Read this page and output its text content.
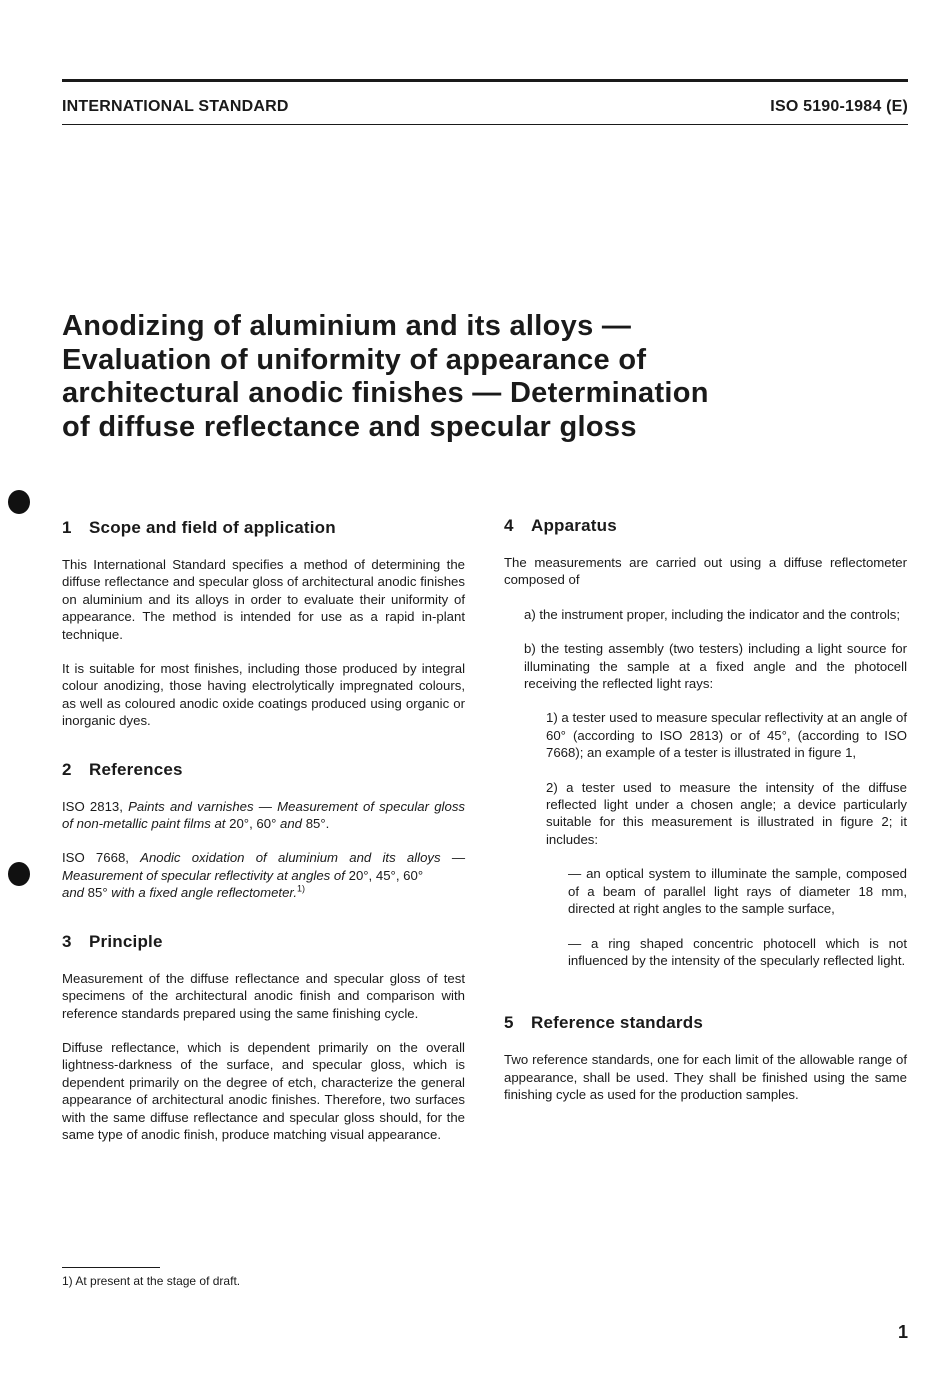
INTERNATIONAL STANDARD	ISO 5190-1984 (E)
Anodizing of aluminium and its alloys —
Evaluation of uniformity of appearance of
architectural anodic finishes — Determination
of diffuse reflectance and specular gloss
1 Scope and field of application

This International Standard specifies a method of determining the diffuse reflectance and specular gloss of architectural anodic finishes on aluminium and its alloys in order to evaluate their uniformity of appearance. The method is intended for use as a rapid in-plant technique.

It is suitable for most finishes, including those produced by integral colour anodizing, those having electrolytically impregnated colours, as well as coloured anodic oxide coatings produced using organic or inorganic dyes.

2 References

ISO 2813, Paints and varnishes — Measurement of specular gloss of non-metallic paint films at 20°, 60° and 85°.

ISO 7668, Anodic oxidation of aluminium and its alloys — Measurement of specular reflectivity at angles of 20°, 45°, 60°
and 85° with a fixed angle reflectometer.$^{1)}$

3 Principle

Measurement of the diffuse reflectance and specular gloss of test specimens of the architectural anodic finish and comparison with reference standards prepared using the same finishing cycle.

Diffuse reflectance, which is dependent primarily on the overall lightness-darkness of the surface, and specular gloss, which is dependent primarily on the degree of etch, characterize the general appearance of architectural anodic finishes. Therefore, two surfaces with the same diffuse reflectance and specular gloss should, for the same type of anodic finish, produce matching visual appearance.

4 Apparatus

The measurements are carried out using a diffuse reflectometer composed of

a) the instrument proper, including the indicator and the controls;

b) the testing assembly (two testers) including a light source for illuminating the sample at a fixed angle and the photocell receiving the reflected light rays:

1) a tester used to measure specular reflectivity at an angle of 60° (according to ISO 2813) or of 45°, (according to ISO 7668); an example of a tester is illustrated in figure 1,

2) a tester used to measure the intensity of the diffuse reflected light under a chosen angle; a device particularly suitable for this measurement is illustrated in figure 2; it includes:

— an optical system to illuminate the sample, composed of a beam of parallel light rays of diameter 18 mm, directed at right angles to the sample surface,

— a ring shaped concentric photocell which is not influenced by the intensity of the specularly reflected light.

5 Reference standards

Two reference standards, one for each limit of the allowable range of appearance, shall be used. They shall be finished using the same finishing cycle as used for the production samples.

1) At present at the stage of draft.
1
